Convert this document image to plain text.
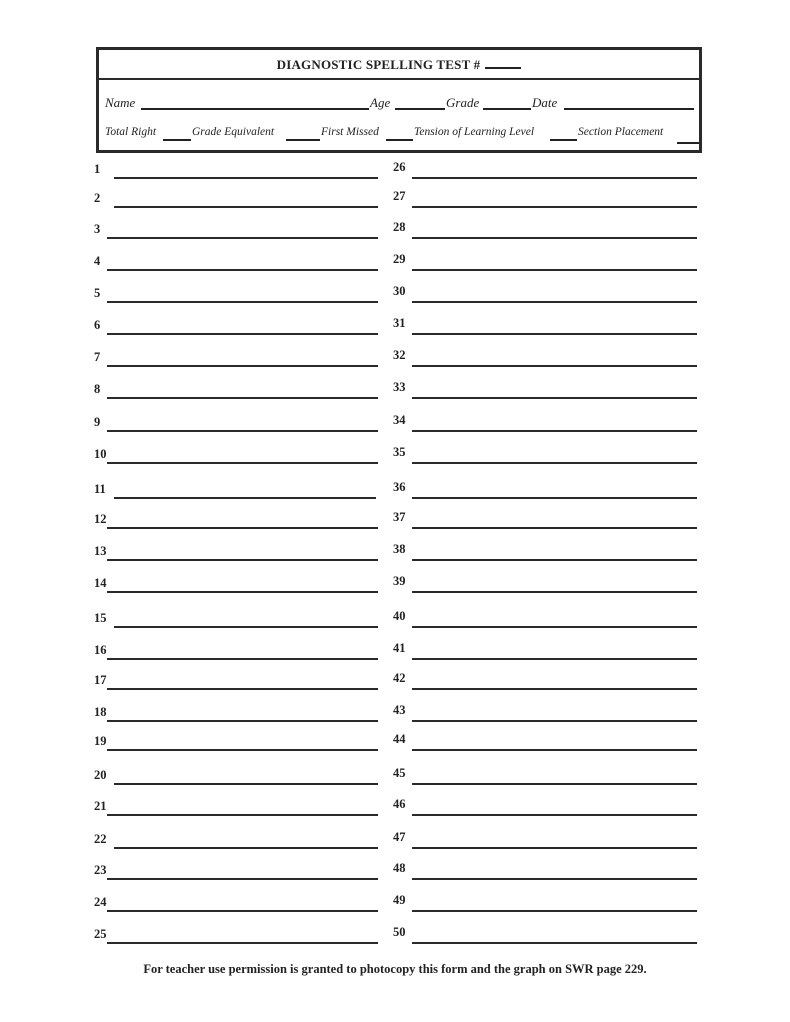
DIAGNOSTIC SPELLING TEST #
Name	Age	Grade	Date
Total Right	Grade Equivalent	First Missed	Tension of Learning Level	Section Placement
1
2
3
4
5
6
7
8
9
10
11
12
13
14
15
16
17
18
19
20
21
22
23
24
25
26
27
28
29
30
31
32
33
34
35
36
37
38
39
40
41
42
43
44
45
46
47
48
49
50
For teacher use permission is granted to photocopy this form and the graph on SWR page 229.
